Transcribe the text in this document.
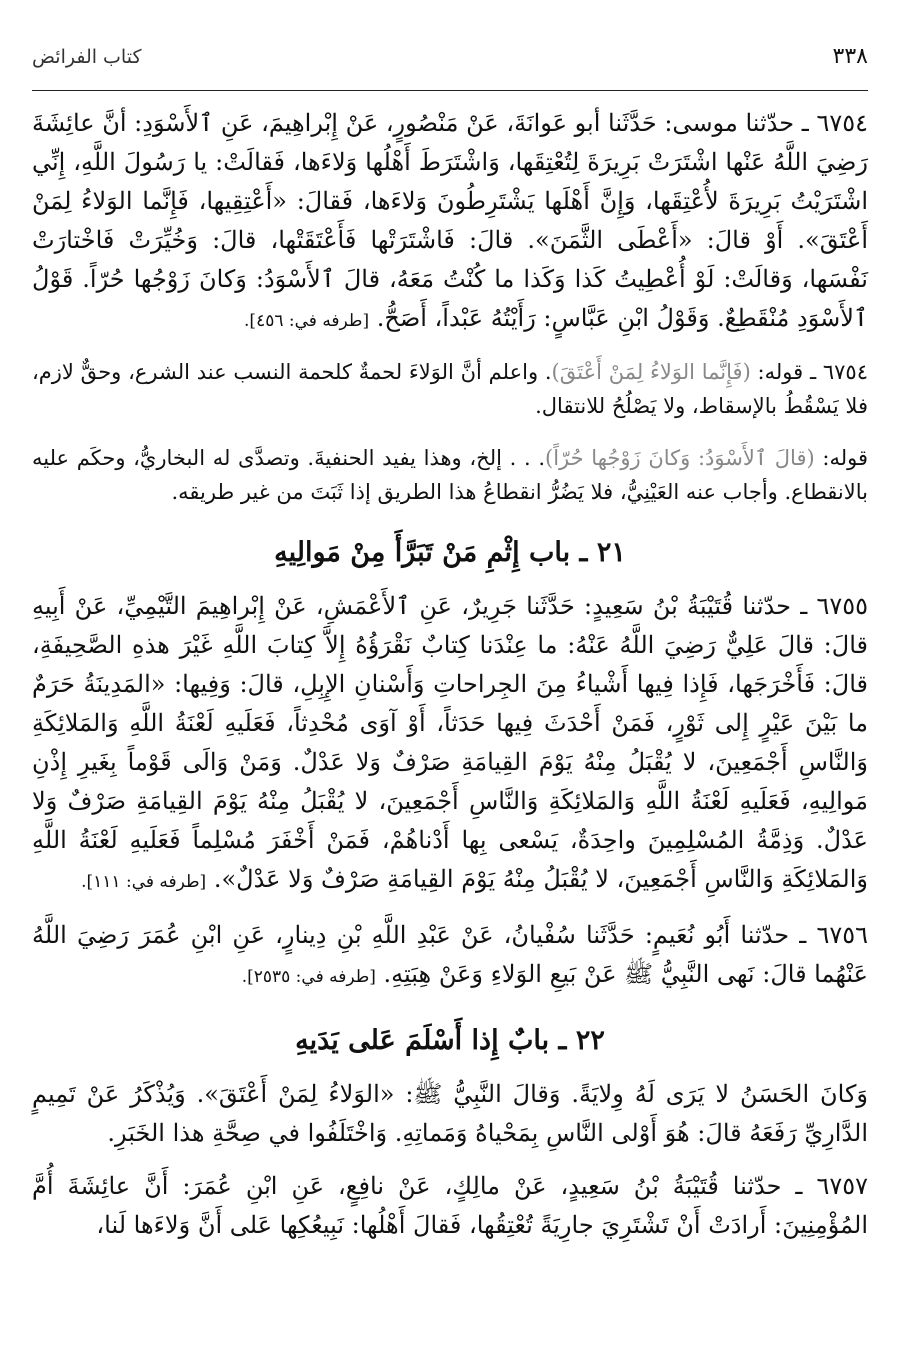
٣٣٨
كتاب الفرائض

٦٧٥٤ ـ حدّثنا موسى: حَدَّثَنا أبو عَوانَةَ، عَنْ مَنْصُورٍ، عَنْ إِبْراهِيمَ، عَنِ ٱلأَسْوَدِ: أنَّ عائِشَةَ رَضِيَ اللَّهُ عَنْها اشْتَرَتْ بَرِيرَةَ لِتُعْتِقَها، وَاشْتَرَطَ أَهْلُها وَلاءَها، فَقالَتْ: يا رَسُولَ اللَّهِ، إِنِّي اشْتَرَيْتُ بَرِيرَةَ لأُعْتِقَها، وَإِنَّ أَهْلَها يَشْتَرِطُونَ وَلاءَها، فَقالَ: «أَعْتِقِيها، فَإِنَّما الوَلاءُ لِمَنْ أَعْتَقَ». أَوْ قالَ: «أَعْطَى الثَّمَنَ». قالَ: فَاشْتَرَتْها فَأَعْتَقَتْها، قالَ: وَخُيِّرَتْ فَاخْتارَتْ نَفْسَها، وَقالَتْ: لَوْ أُعْطِيتُ كَذا وَكَذا ما كُنْتُ مَعَهُ، قالَ ٱلأَسْوَدُ: وَكانَ زَوْجُها حُرّاً. قَوْلُ ٱلأَسْوَدِ مُنْقَطِعٌ. وَقَوْلُ ابْنِ عَبَّاسٍ: رَأَيْتُهُ عَبْداً، أَصَحُّ. [طرفه في: ٤٥٦].

٦٧٥٤ ـ قوله: (فَإِنَّما الوَلاءُ لِمَنْ أَعْتَقَ). واعلم أنَّ الوَلاءَ لحمةٌ كلحمة النسب عند الشرع، وحقٌّ لازم، فلا يَسْقُطُ بالإسقاط، ولا يَصْلُحُ للانتقال.

قوله: (قالَ ٱلأَسْوَدُ: وَكانَ زَوْجُها حُرّاً). . . إلخ، وهذا يفيد الحنفيةَ. وتصدَّى له البخاريُّ، وحكَم عليه بالانقطاع. وأجاب عنه العَيْنِيُّ، فلا يَضُرُّ انقطاعُ هذا الطريق إذا ثَبَتَ من غير طريقه.

٢١ ـ باب إِثْمِ مَنْ تَبَرَّأَ مِنْ مَوالِيهِ

٦٧٥٥ ـ حدّثنا قُتَيْبَةُ بْنُ سَعِيدٍ: حَدَّثَنا جَرِيرٌ، عَنِ ٱلأَعْمَشِ، عَنْ إِبْراهِيمَ التَّيْمِيِّ، عَنْ أَبِيهِ قالَ: قالَ عَلِيٌّ رَضِيَ اللَّهُ عَنْهُ: ما عِنْدَنا كِتابٌ نَقْرَؤُهُ إِلاَّ كِتابَ اللَّهِ غَيْرَ هذهِ الصَّحِيفَةِ، قالَ: فَأَخْرَجَها، فَإِذا فِيها أَشْياءُ مِنَ الجِراحاتِ وَأَسْنانِ الإِبِلِ، قالَ: وَفِيها: «المَدِينَةُ حَرَمٌ ما بَيْنَ عَيْرٍ إِلى ثَوْرٍ، فَمَنْ أَحْدَثَ فِيها حَدَثاً، أَوْ آوَى مُحْدِثاً، فَعَلَيهِ لَعْنَةُ اللَّهِ وَالمَلائِكَةِ وَالنَّاسِ أَجْمَعِينَ، لا يُقْبَلُ مِنْهُ يَوْمَ القِيامَةِ صَرْفٌ وَلا عَدْلٌ. وَمَنْ وَالَى قَوْماً بِغَيرِ إِذْنِ مَوالِيهِ، فَعَلَيهِ لَعْنَةُ اللَّهِ وَالمَلائِكَةِ وَالنَّاسِ أَجْمَعِينَ، لا يُقْبَلُ مِنْهُ يَوْمَ القِيامَةِ صَرْفٌ وَلا عَدْلٌ. وَذِمَّةُ المُسْلِمِينَ واحِدَةٌ، يَسْعى بِها أَدْناهُمْ، فَمَنْ أَخْفَرَ مُسْلِماً فَعَلَيهِ لَعْنَةُ اللَّهِ وَالمَلائِكَةِ وَالنَّاسِ أَجْمَعِينَ، لا يُقْبَلُ مِنْهُ يَوْمَ القِيامَةِ صَرْفٌ وَلا عَدْلٌ». [طرفه في: ١١١].

٦٧٥٦ ـ حدّثنا أَبُو نُعَيمٍ: حَدَّثَنا سُفْيانُ، عَنْ عَبْدِ اللَّهِ بْنِ دِينارٍ، عَنِ ابْنِ عُمَرَ رَضِيَ اللَّهُ عَنْهُما قالَ: نَهى النَّبِيُّ ﷺ عَنْ بَيعِ الوَلاءِ وَعَنْ هِبَتِهِ. [طرفه في: ٢٥٣٥].

٢٢ ـ بابٌ إِذا أَسْلَمَ عَلى يَدَيهِ

وَكانَ الحَسَنُ لا يَرَى لَهُ وِلايَةً. وَقالَ النَّبِيُّ ﷺ: «الوَلاءُ لِمَنْ أَعْتَقَ». وَيُذْكَرُ عَنْ تَمِيمٍ الدَّارِيِّ رَفَعَهُ قالَ: هُوَ أَوْلى النَّاسِ بِمَحْياهُ وَمَماتِهِ. وَاخْتَلَفُوا في صِحَّةِ هذا الخَبَرِ.

٦٧٥٧ ـ حدّثنا قُتَيْبَةُ بْنُ سَعِيدٍ، عَنْ مالِكٍ، عَنْ نافِعٍ، عَنِ ابْنِ عُمَرَ: أَنَّ عائِشَةَ أُمَّ المُؤْمِنِينَ: أَرادَتْ أَنْ تَشْتَرِيَ جارِيَةً تُعْتِقُها، فَقالَ أَهْلُها: نَبِيعُكِها عَلى أَنَّ وَلاءَها لَنا،
